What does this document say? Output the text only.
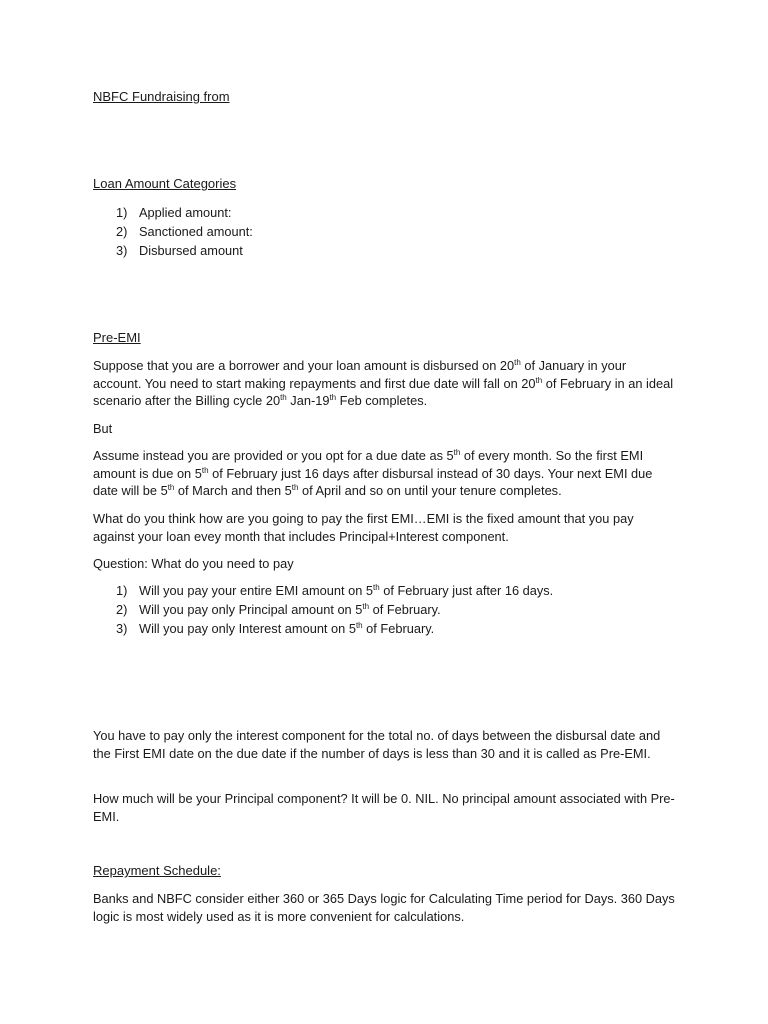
NBFC Fundraising from
Loan Amount Categories
1) Applied amount:
2) Sanctioned amount:
3) Disbursed amount
Pre-EMI
Suppose that you are a borrower and your loan amount is disbursed on 20th of January in your account. You need to start making repayments and first due date will fall on 20th of February in an ideal scenario after the Billing cycle 20th Jan-19th Feb completes.
But
Assume instead you are provided or you opt for a due date as 5th of every month. So the first EMI amount is due on 5th of February just 16 days after disbursal instead of 30 days. Your next EMI due date will be 5th of March and then 5th of April and so on until your tenure completes.
What do you think how are you going to pay the first EMI…EMI is the fixed amount that you pay against your loan evey month that includes Principal+Interest component.
Question: What do you need to pay
1) Will you pay your entire EMI amount on 5th of February just after 16 days.
2) Will you pay only Principal amount on 5th of February.
3) Will you pay only Interest amount on 5th of February.
You have to pay only the interest component for the total no. of days between the disbursal date and the First EMI date on the due date if the number of days is less than 30 and it is called as Pre-EMI.
How much will be your Principal component? It will be 0. NIL. No principal amount associated with Pre-EMI.
Repayment Schedule:
Banks and NBFC consider either 360 or 365 Days logic for Calculating Time period for Days. 360 Days logic is most widely used as it is more convenient for calculations.
